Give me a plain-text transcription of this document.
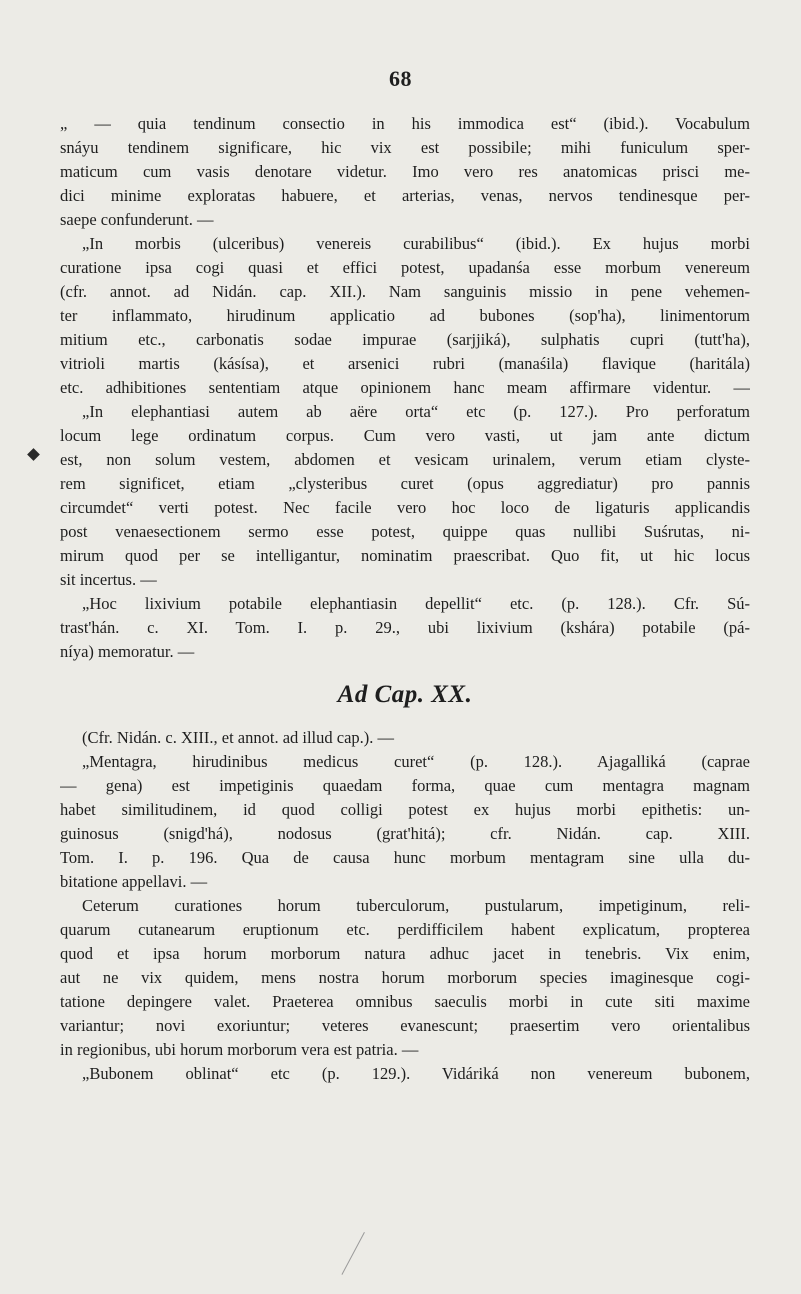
68
„ — quia tendinum consectio in his immodica est“ (ibid.). Vocabulum
snáyu tendinem significare, hic vix est possibile; mihi funiculum sper-
maticum cum vasis denotare videtur. Imo vero res anatomicas prisci me-
dici minime exploratas habuere, et arterias, venas, nervos tendinesque per-
saepe confunderunt. —
„In morbis (ulceribus) venereis curabilibus“ (ibid.). Ex hujus morbi
curatione ipsa cogi quasi et effici potest, upadanśa esse morbum venereum
(cfr. annot. ad Nidán. cap. XII.). Nam sanguinis missio in pene vehemen-
ter inflammato, hirudinum applicatio ad bubones (sop'ha), linimentorum
mitium etc., carbonatis sodae impurae (sarjjiká), sulphatis cupri (tutt'ha),
vitrioli martis (kásísa), et arsenici rubri (manaśila) flavique (haritála)
etc. adhibitiones sententiam atque opinionem hanc meam affirmare videntur. —
„In elephantiasi autem ab aëre orta“ etc (p. 127.). Pro perforatum
locum lege ordinatum corpus. Cum vero vasti, ut jam ante dictum
est, non solum vestem, abdomen et vesicam urinalem, verum etiam clyste-
rem significet, etiam „clysteribus curet (opus aggrediatur) pro pannis
circumdet“ verti potest. Nec facile vero hoc loco de ligaturis applicandis
post venaesectionem sermo esse potest, quippe quas nullibi Suśrutas, ni-
mirum quod per se intelligantur, nominatim praescribat. Quo fit, ut hic locus
sit incertus. —
„Hoc lixivium potabile elephantiasin depellit“ etc. (p. 128.). Cfr. Sú-
trast'hán. c. XI. Tom. I. p. 29., ubi lixivium (kshára) potabile (pá-
níya) memoratur. —
Ad Cap. XX.
(Cfr. Nidán. c. XIII., et annot. ad illud cap.). —
„Mentagra, hirudinibus medicus curet“ (p. 128.). Ajagalliká (caprae
— gena) est impetiginis quaedam forma, quae cum mentagra magnam
habet similitudinem, id quod colligi potest ex hujus morbi epithetis: un-
guinosus (snigd'há), nodosus (grat'hitá); cfr. Nidán. cap. XIII.
Tom. I. p. 196. Qua de causa hunc morbum mentagram sine ulla du-
bitatione appellavi. —
Ceterum curationes horum tuberculorum, pustularum, impetiginum, reli-
quarum cutanearum eruptionum etc. perdifficilem habent explicatum, propterea
quod et ipsa horum morborum natura adhuc jacet in tenebris. Vix enim,
aut ne vix quidem, mens nostra horum morborum species imaginesque cogi-
tatione depingere valet. Praeterea omnibus saeculis morbi in cute siti maxime
variantur; novi exoriuntur; veteres evanescunt; praesertim vero orientalibus
in regionibus, ubi horum morborum vera est patria. —
„Bubonem oblinat“ etc (p. 129.). Vidáriká non venereum bubonem,
